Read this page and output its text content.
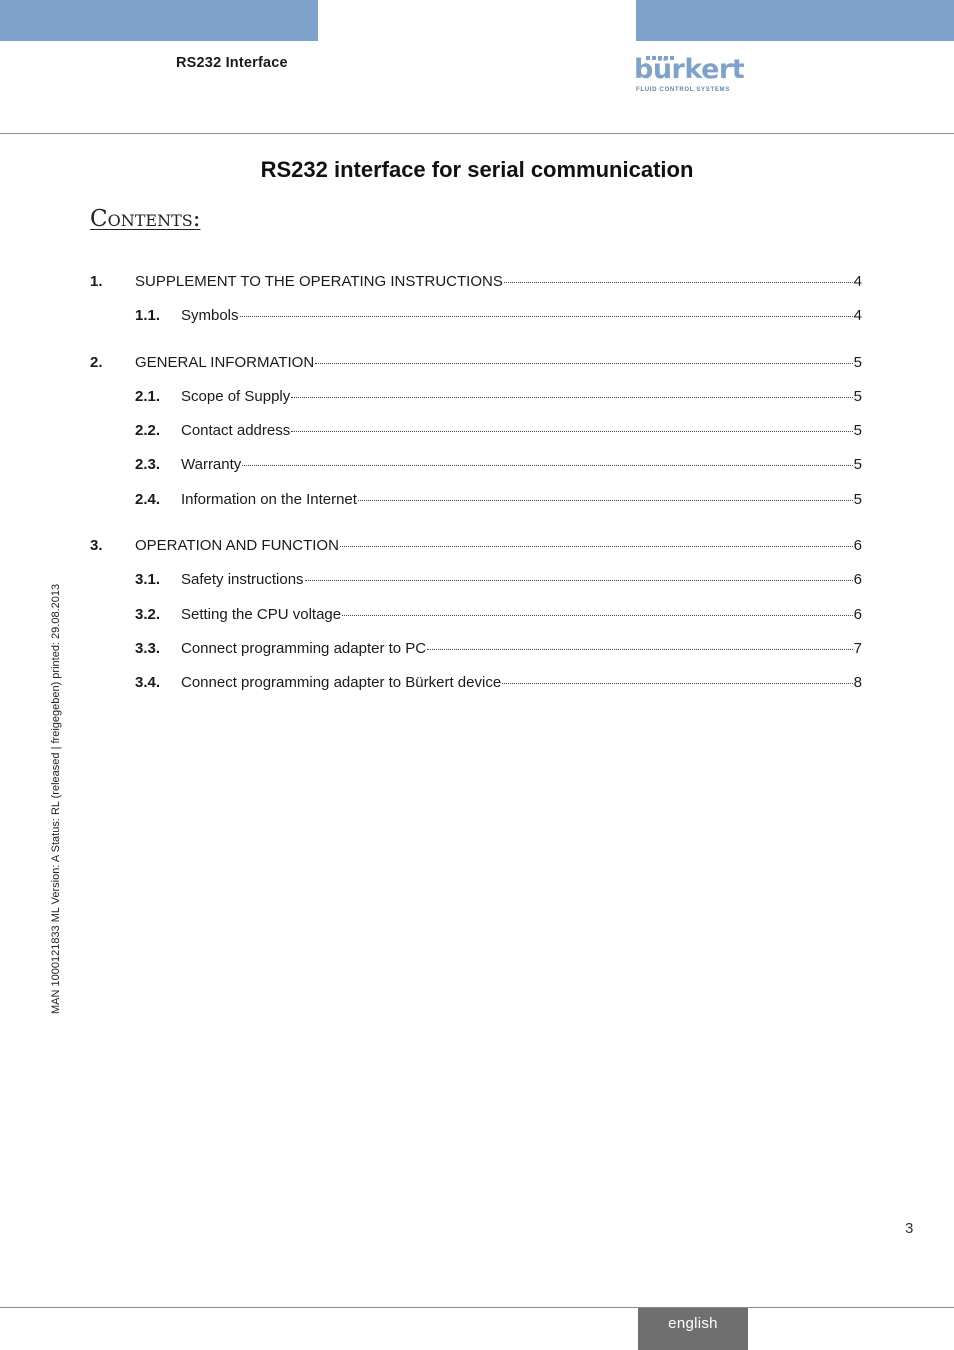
RS232 Interface	bürkert
FLUID CONTROL SYSTEMS
RS232 interface for serial communication
Contents:
1.	SUPPLEMENT TO THE OPERATING INSTRUCTIONS	4
1.1.	Symbols	4
2.	GENERAL INFORMATION	5
2.1.	Scope of Supply	5
2.2.	Contact address	5
2.3.	Warranty	5
2.4.	Information on the Internet	5
3.	OPERATION AND FUNCTION	6
3.1.	Safety instructions	6
3.2.	Setting the CPU voltage	6
3.3.	Connect programming adapter to PC	7
3.4.	Connect programming adapter to Bürkert device	8
MAN 1000121833 ML Version: A Status: RL (released | freigegeben) printed: 29.08.2013
3
english
